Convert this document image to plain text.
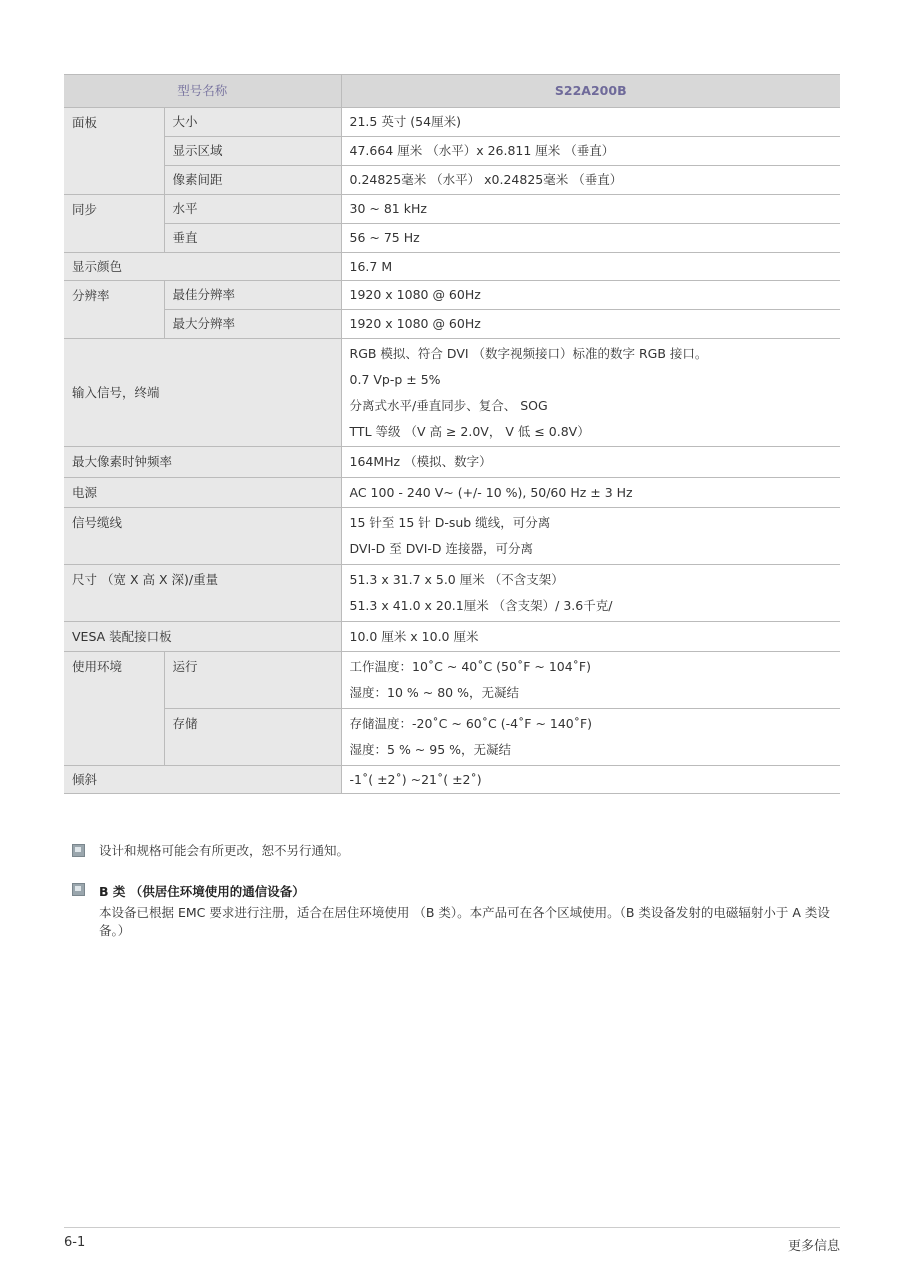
型号名称		S22A200B
面板	大小	21.5 英寸 (54厘米)
	显示区域	47.664 厘米 （水平）x 26.811 厘米 （垂直）
	像素间距	0.24825毫米 （水平） x0.24825毫米 （垂直）
同步	水平	30 ~ 81 kHz
	垂直	56 ~ 75 Hz
显示颜色		16.7 M
分辨率	最佳分辨率	1920 x 1080 @ 60Hz
	最大分辨率	1920 x 1080 @ 60Hz
输入信号，终端		RGB 模拟、符合 DVI （数字视频接口）标准的数字 RGB 接口。
0.7 Vp-p ± 5%
分离式水平/垂直同步、复合、 SOG
TTL 等级 （V 高 ≥ 2.0V， V 低 ≤ 0.8V）

最大像素时钟频率		164MHz （模拟、数字）
电源		AC 100 - 240 V~ (+/- 10 %), 50/60 Hz ± 3 Hz
信号缆线		15 针至 15 针 D-sub 缆线，可分离
DVI-D 至 DVI-D 连接器，可分离

尺寸 （宽 X 高 X 深)/重量		51.3 x 31.7 x 5.0 厘米 （不含支架）
51.3 x 41.0 x 20.1厘米 （含支架）/ 3.6千克/

VESA 装配接口板		10.0 厘米 x 10.0 厘米
使用环境	运行	工作温度：10˚C ~ 40˚C (50˚F ~ 104˚F)
湿度：10 % ~ 80 %，无凝结

	存储	存储温度：-20˚C ~ 60˚C (-4˚F ~ 140˚F)
湿度：5 % ~ 95 %，无凝结

倾斜		-1˚( ±2˚) ~21˚( ±2˚)
设计和规格可能会有所更改，恕不另行通知。
B 类 （供居住环境使用的通信设备）
本设备已根据 EMC 要求进行注册，适合在居住环境使用 （B 类）。本产品可在各个区域使用。（B 类设备发射的电磁辐射小于 A 类设备。）
6-1	更多信息
